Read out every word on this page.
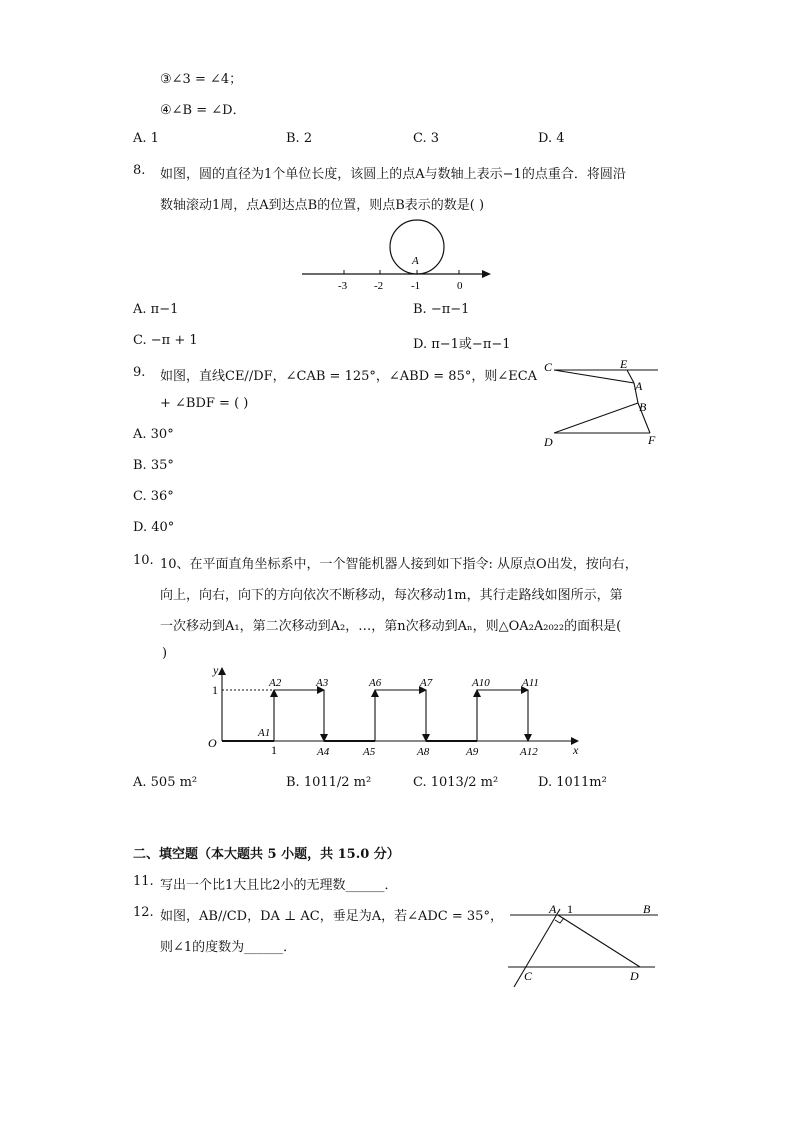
③∠3 = ∠4；
④∠B = ∠D．
A. 1	B. 2	C. 3	D. 4
8. 如图，圆的直径为1个单位长度，该圆上的点A与数轴上表示−1的点重合．将圆沿
数轴滚动1周，点A到达点B的位置，则点B表示的数是( )
A
-3 -2	-1	0
A. π−1	B. −π−1
C. −π + 1	D. π−1或−π−1
9. 如图，直线CE//DF，∠CAB = 125°，∠ABD = 85°，则∠ECA
+ ∠BDF = ( )
C	E
A
B
D	F
A. 30°
B. 35°
C. 36°
D. 40°
10. 10、在平面直角坐标系中，一个智能机器人接到如下指令: 从原点O出发，按向右，
向上，向右，向下的方向依次不断移动，每次移动1m，其行走路线如图所示，第
一次移动到A₁，第二次移动到A₂，…，第n次移动到Aₙ，则△OA₂A₂₀₂₂的面积是(
)
y
x
O
1
1
A1
A2	A3	A6	A7	A10	A11
A4	A5	A8	A9	A12
A. 505 m²	B. 1011/2 m²	C. 1013/2 m²	D. 1011m²
二、填空题（本大题共 5 小题，共 15.0 分）
11. 写出一个比1大且比2小的无理数______．
12. 如图，AB//CD，DA ⊥ AC，垂足为A，若∠ADC = 35°，
则∠1的度数为______．
A 1	B
C	D
